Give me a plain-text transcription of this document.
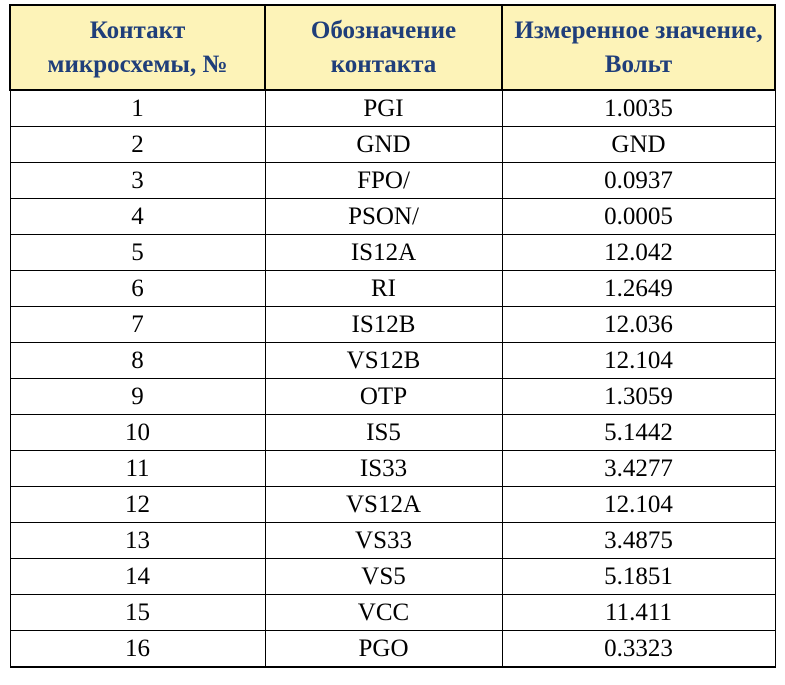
Контакт микросхемы, №	Обозначение контакта	Измеренное значение, Вольт
1	PGI	1.0035
2	GND	GND
3	FPO/	0.0937
4	PSON/	0.0005
5	IS12A	12.042
6	RI	1.2649
7	IS12B	12.036
8	VS12B	12.104
9	OTP	1.3059
10	IS5	5.1442
11	IS33	3.4277
12	VS12A	12.104
13	VS33	3.4875
14	VS5	5.1851
15	VCC	11.411
16	PGO	0.3323
